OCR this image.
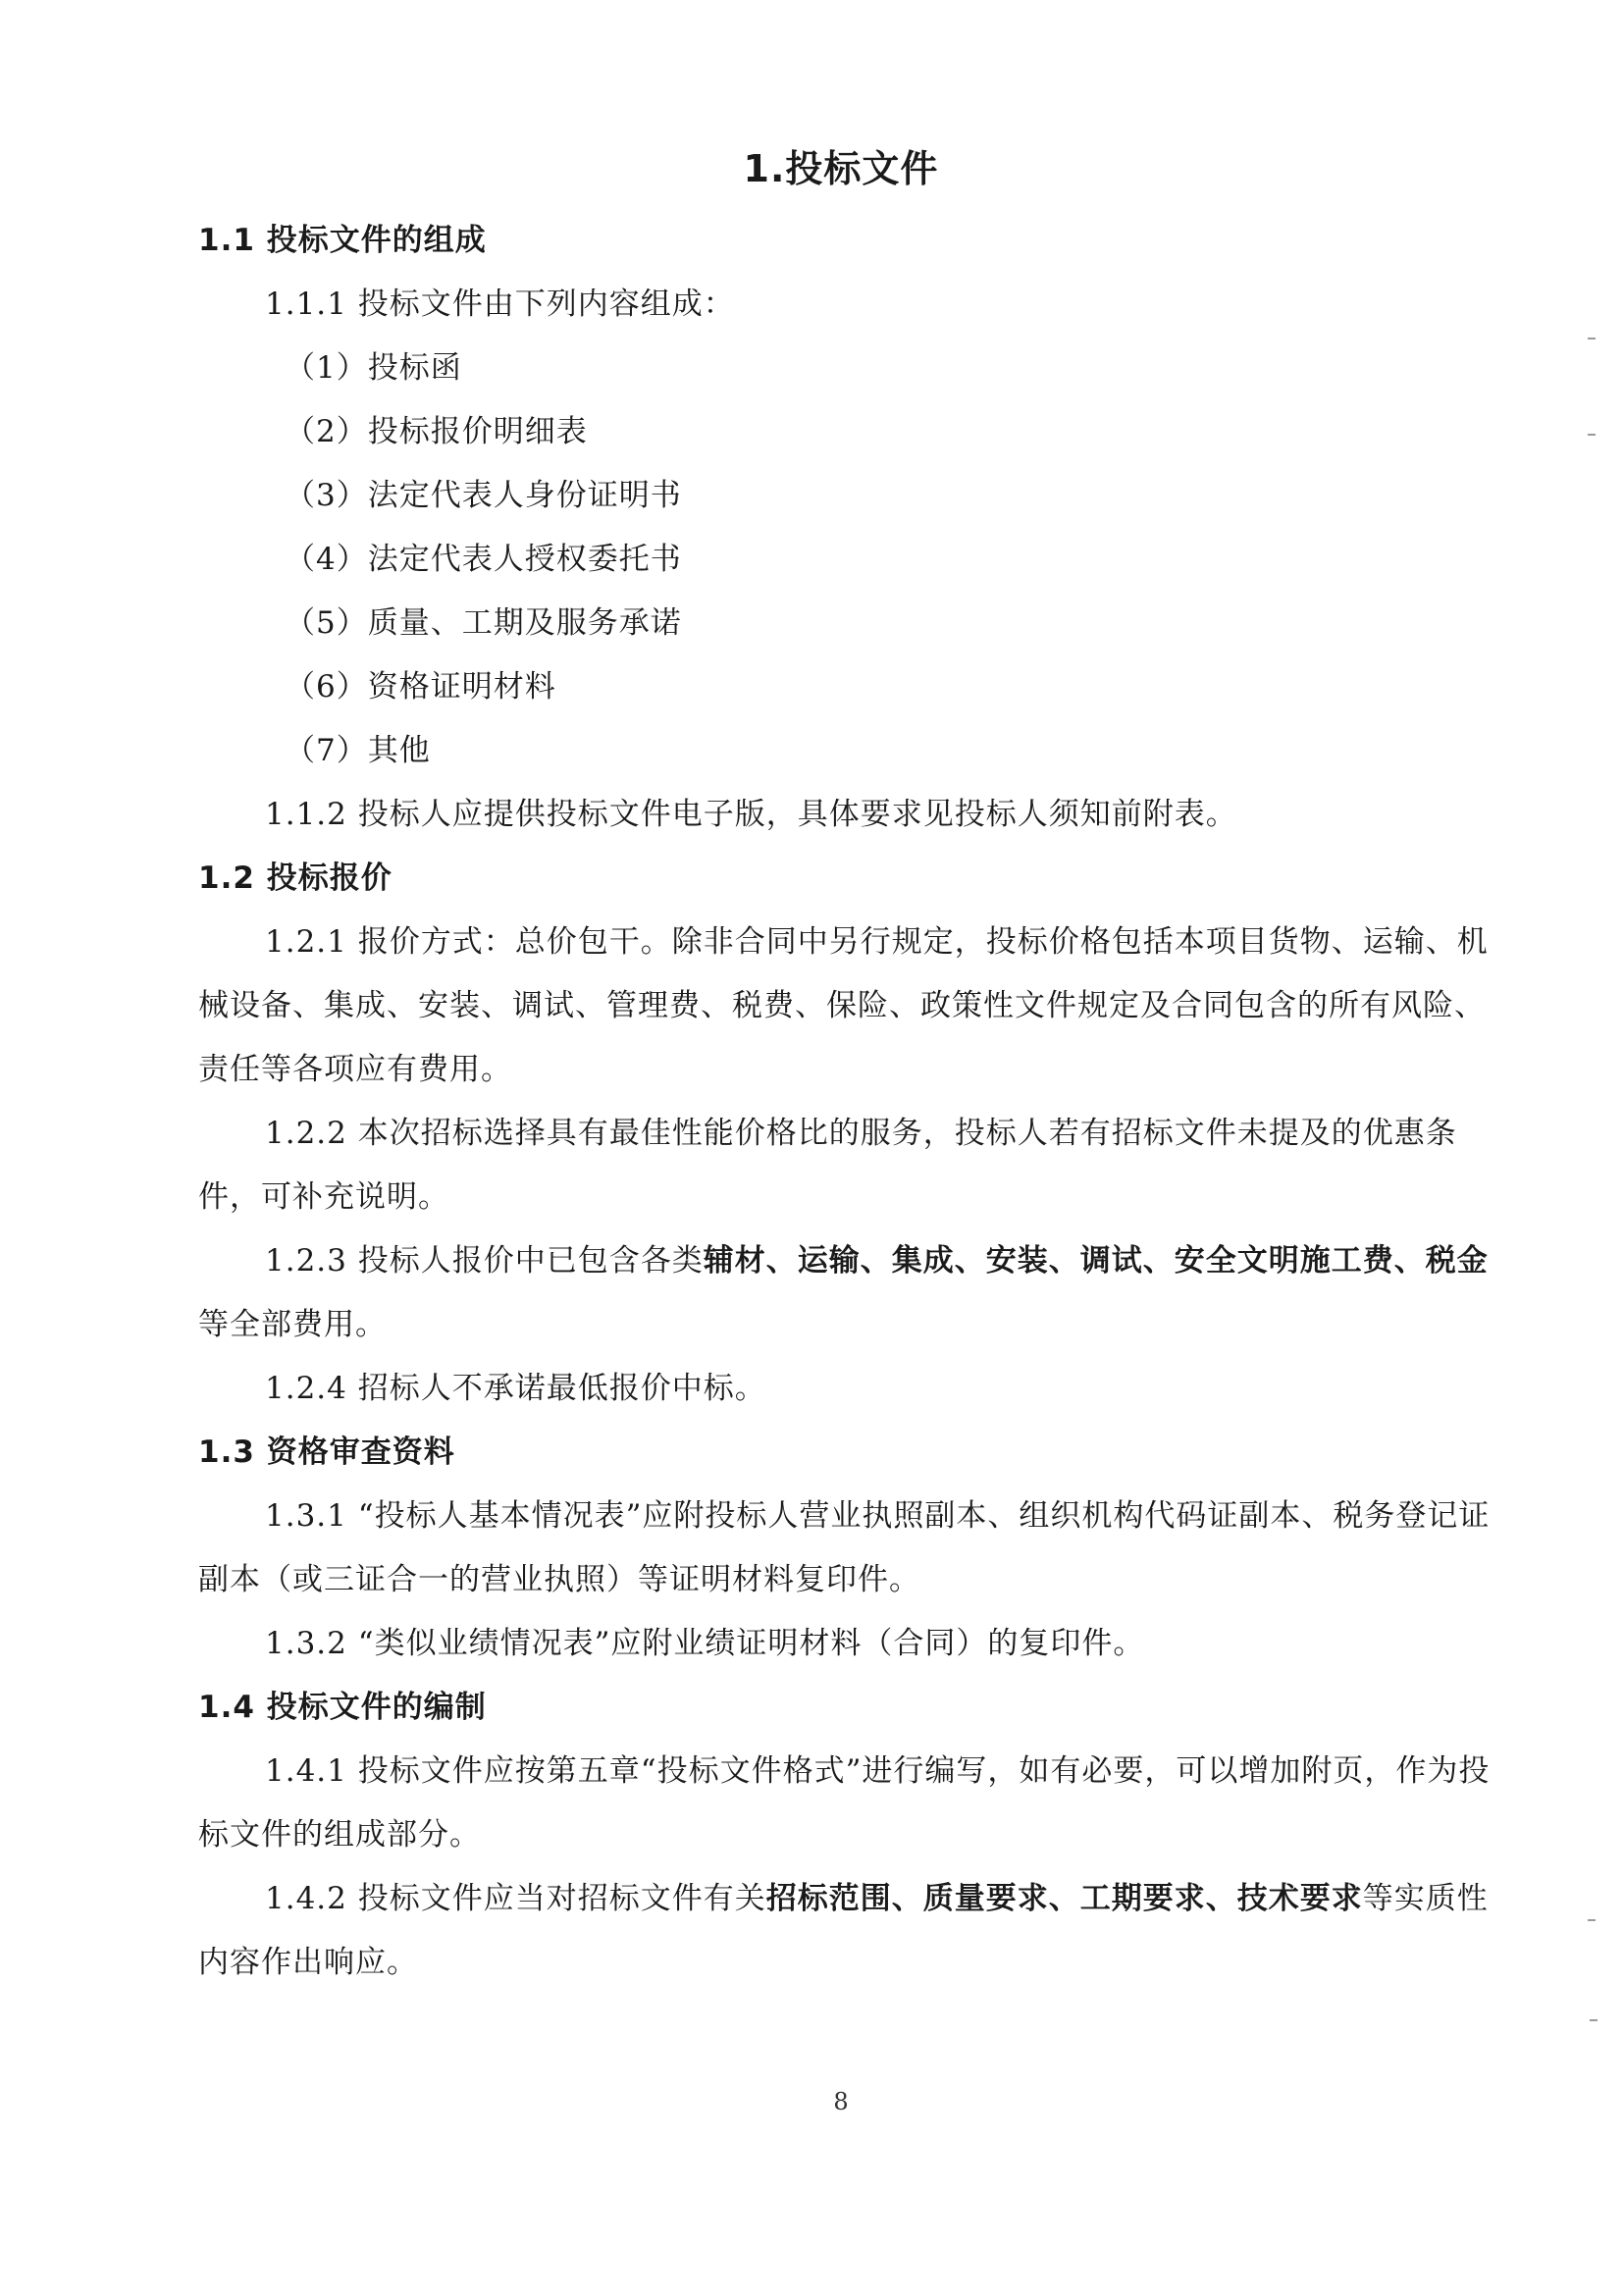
1.投标文件

1.1 投标文件的组成

1.1.1 投标文件由下列内容组成：

（1）投标函

（2）投标报价明细表

（3）法定代表人身份证明书

（4）法定代表人授权委托书

（5）质量、工期及服务承诺

（6）资格证明材料

（7）其他

1.1.2 投标人应提供投标文件电子版，具体要求见投标人须知前附表。

1.2 投标报价

1.2.1 报价方式：总价包干。除非合同中另行规定，投标价格包括本项目货物、运输、机械设备、集成、安装、调试、管理费、税费、保险、政策性文件规定及合同包含的所有风险、责任等各项应有费用。

1.2.2 本次招标选择具有最佳性能价格比的服务，投标人若有招标文件未提及的优惠条件，可补充说明。

1.2.3 投标人报价中已包含各类辅材、运输、集成、安装、调试、安全文明施工费、税金等全部费用。

1.2.4 招标人不承诺最低报价中标。

1.3 资格审查资料

1.3.1 “投标人基本情况表”应附投标人营业执照副本、组织机构代码证副本、税务登记证副本（或三证合一的营业执照）等证明材料复印件。

1.3.2 “类似业绩情况表”应附业绩证明材料（合同）的复印件。

1.4 投标文件的编制

1.4.1 投标文件应按第五章“投标文件格式”进行编写，如有必要，可以增加附页，作为投标文件的组成部分。

1.4.2 投标文件应当对招标文件有关招标范围、质量要求、工期要求、技术要求等实质性内容作出响应。

8
